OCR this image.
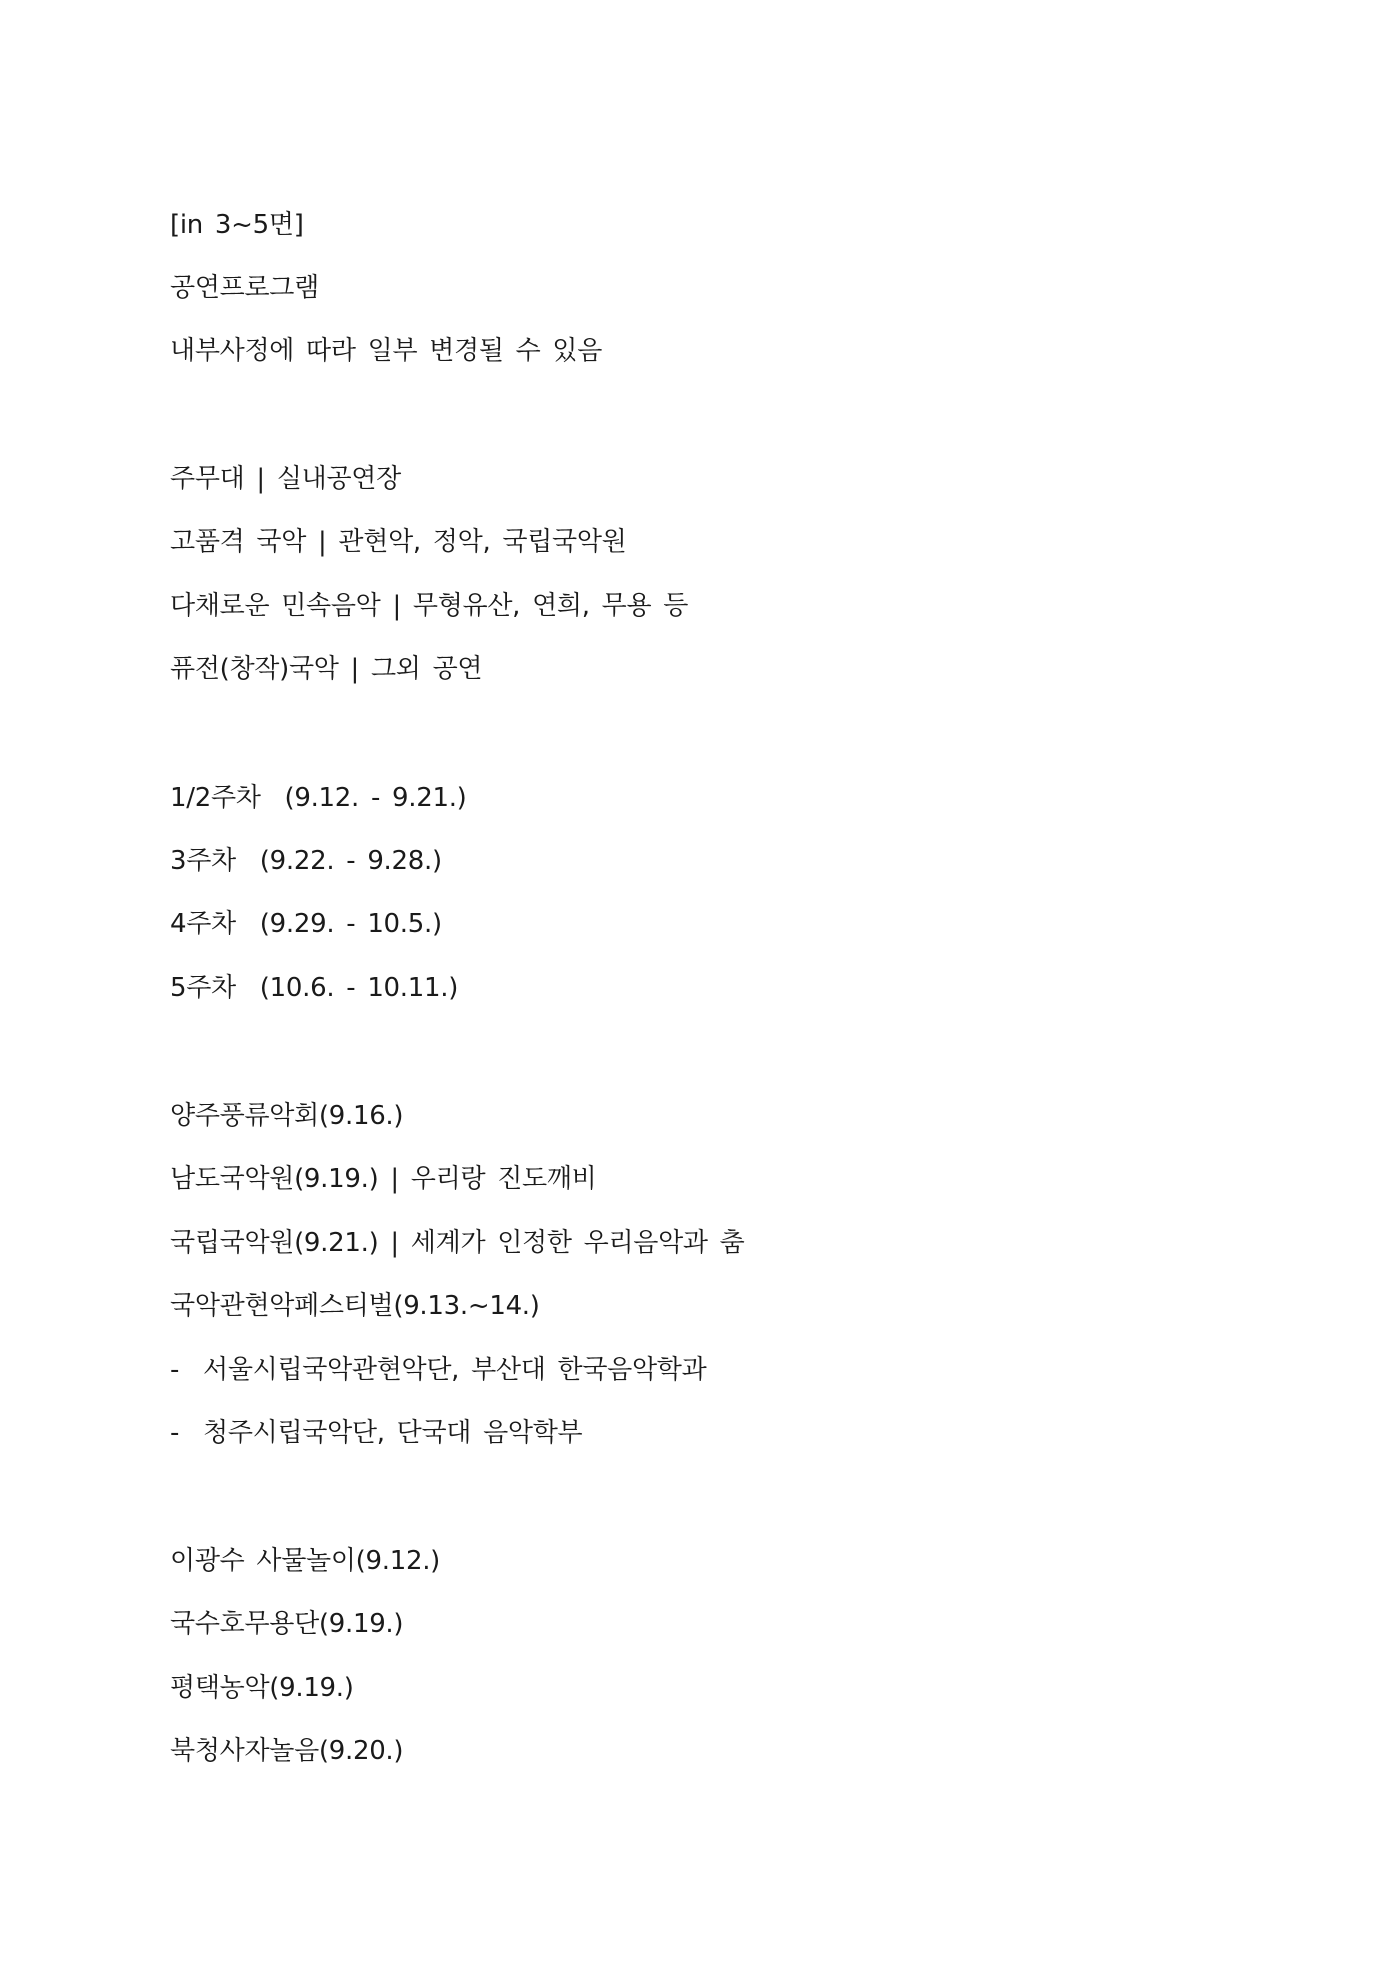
[in 3~5면]

공연프로그램

내부사정에 따라 일부 변경될 수 있음

주무대 | 실내공연장

고품격 국악 | 관현악, 정악, 국립국악원

다채로운 민속음악 | 무형유산, 연희, 무용 등

퓨전(창작)국악 | 그외 공연

1/2주차  (9.12. - 9.21.)

3주차  (9.22. - 9.28.)

4주차  (9.29. - 10.5.)

5주차  (10.6. - 10.11.)

양주풍류악회(9.16.)

남도국악원(9.19.) | 우리랑 진도깨비

국립국악원(9.21.) | 세계가 인정한 우리음악과 춤

국악관현악페스티벌(9.13.~14.)

-  서울시립국악관현악단, 부산대 한국음악학과

-  청주시립국악단, 단국대 음악학부

이광수 사물놀이(9.12.)

국수호무용단(9.19.)

평택농악(9.19.)

북청사자놀음(9.20.)
